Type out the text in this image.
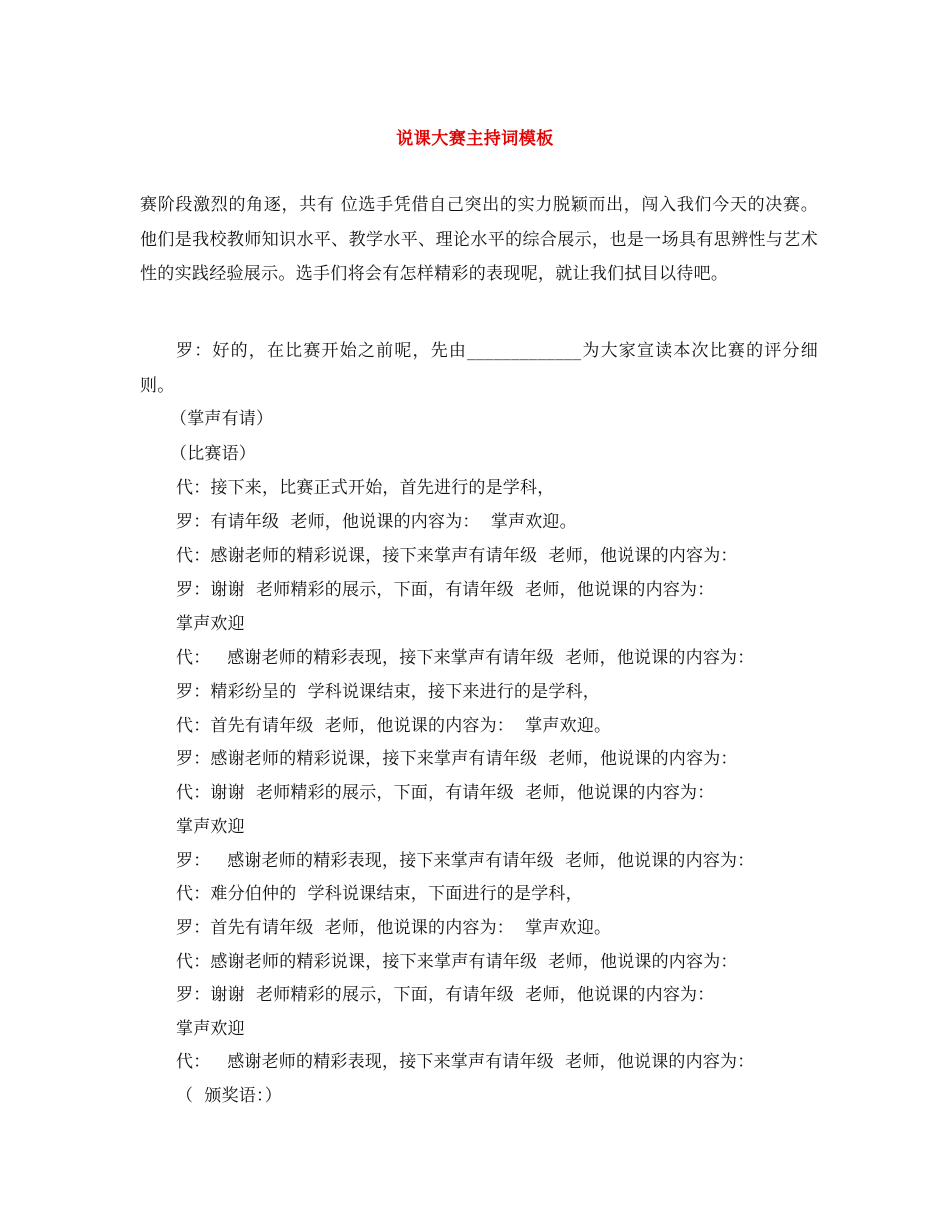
说课大赛主持词模板
赛阶段激烈的角逐，共有 位选手凭借自己突出的实力脱颖而出，闯入我们今天的决赛。他们是我校教师知识水平、教学水平、理论水平的综合展示，也是一场具有思辨性与艺术性的实践经验展示。选手们将会有怎样精彩的表现呢，就让我们拭目以待吧。
罗：好的，在比赛开始之前呢，先由_____________为大家宣读本次比赛的评分细则。
（掌声有请）
（比赛语）
代：接下来，比赛正式开始，首先进行的是学科，
罗：有请年级  老师，他说课的内容为：  掌声欢迎。
代：感谢老师的精彩说课，接下来掌声有请年级  老师，他说课的内容为：
罗：谢谢  老师精彩的展示，下面，有请年级  老师，他说课的内容为：
掌声欢迎
代：   感谢老师的精彩表现，接下来掌声有请年级  老师，他说课的内容为：
罗：精彩纷呈的  学科说课结束，接下来进行的是学科，
代：首先有请年级  老师，他说课的内容为：  掌声欢迎。
罗：感谢老师的精彩说课，接下来掌声有请年级  老师，他说课的内容为：
代：谢谢  老师精彩的展示，下面，有请年级  老师，他说课的内容为：
掌声欢迎
罗：   感谢老师的精彩表现，接下来掌声有请年级  老师，他说课的内容为：
代：难分伯仲的  学科说课结束，下面进行的是学科，
罗：首先有请年级  老师，他说课的内容为：  掌声欢迎。
代：感谢老师的精彩说课，接下来掌声有请年级  老师，他说课的内容为：
罗：谢谢  老师精彩的展示，下面，有请年级  老师，他说课的内容为：
掌声欢迎
代：   感谢老师的精彩表现，接下来掌声有请年级  老师，他说课的内容为：
（  颁奖语：）
